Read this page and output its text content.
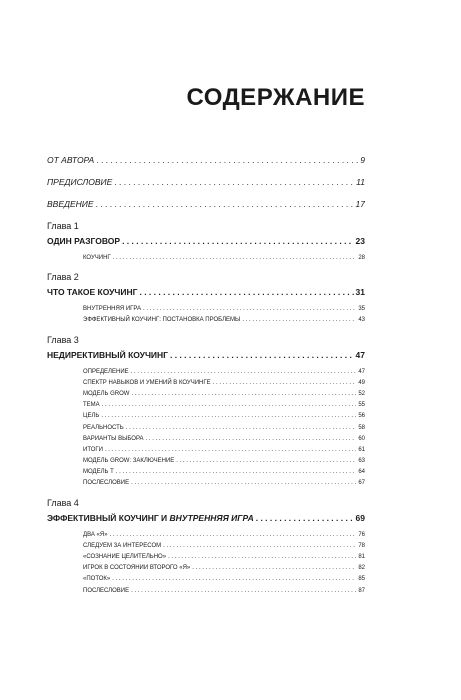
СОДЕРЖАНИЕ
ОТ АВТОРА . . .	9
ПРЕДИСЛОВИЕ . . .	11
ВВЕДЕНИЕ . . .	17
Глава 1
ОДИН РАЗГОВОР . . .	23
КОУЧИНГ . . .	28
Глава 2
ЧТО ТАКОЕ КОУЧИНГ . . .	31
ВНУТРЕННЯЯ ИГРА . . .	35
ЭФФЕКТИВНЫЙ КОУЧИНГ: ПОСТАНОВКА ПРОБЛЕМЫ . . .	43
Глава 3
НЕДИРЕКТИВНЫЙ КОУЧИНГ . . .	47
ОПРЕДЕЛЕНИЕ . . .	47
СПЕКТР НАВЫКОВ И УМЕНИЙ В КОУЧИНГЕ . . .	49
МОДЕЛЬ GROW . . .	52
ТЕМА . . .	55
ЦЕЛЬ . . .	56
РЕАЛЬНОСТЬ . . .	58
ВАРИАНТЫ ВЫБОРА . . .	60
ИТОГИ . . .	61
МОДЕЛЬ GROW: ЗАКЛЮЧЕНИЕ . . .	63
МОДЕЛЬ Т . . .	64
ПОСЛЕСЛОВИЕ . . .	67
Глава 4
ЭФФЕКТИВНЫЙ КОУЧИНГ И ВНУТРЕННЯЯ ИГРА . . .	69
ДВА «Я» . . .	76
СЛЕДУЕМ ЗА ИНТЕРЕСОМ . . .	78
«СОЗНАНИЕ ЦЕЛИТЕЛЬНО» . . .	81
ИГРОК В СОСТОЯНИИ ВТОРОГО «Я» . . .	82
«ПОТОК» . . .	85
ПОСЛЕСЛОВИЕ . . .	87
